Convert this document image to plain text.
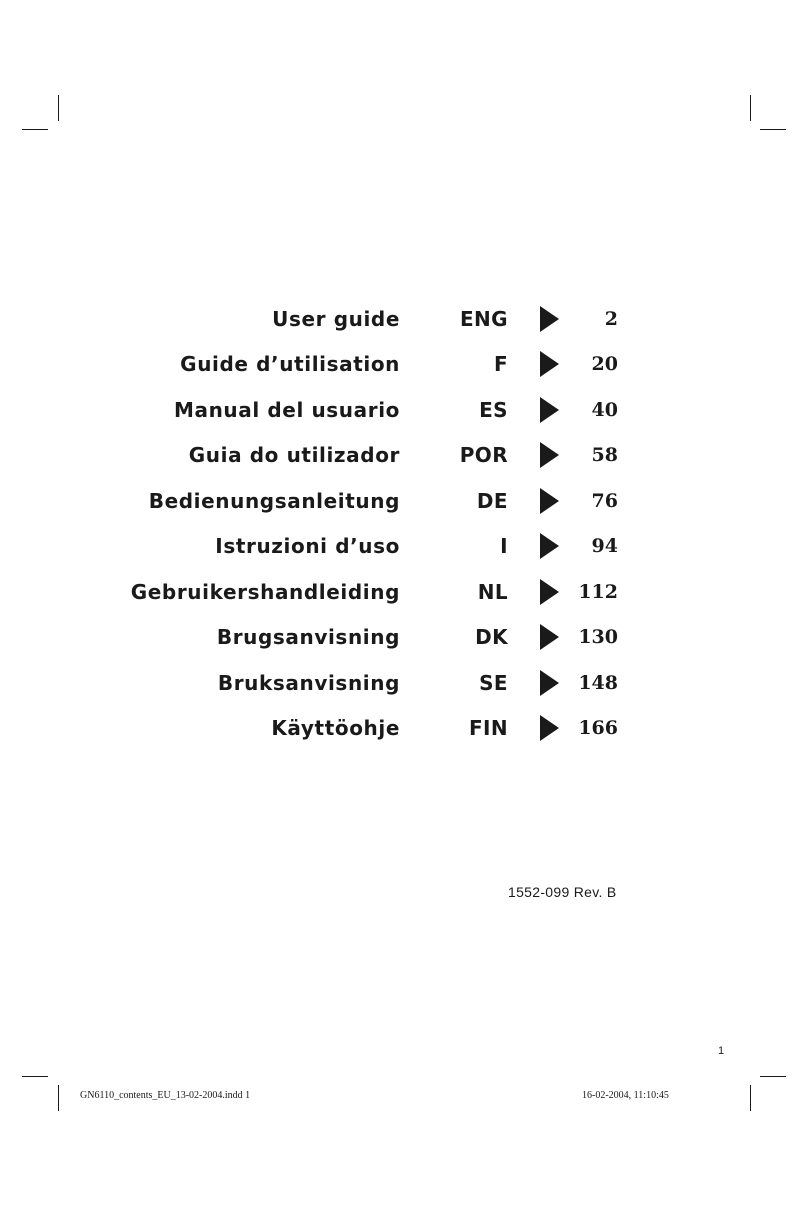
User guide	ENG	2
Guide d’utilisation	F	20
Manual del usuario	ES	40
Guia do utilizador	POR	58
Bedienungsanleitung	DE	76
Istruzioni d’uso	I	94
Gebruikershandleiding	NL	112
Brugsanvisning	DK	130
Bruksanvisning	SE	148
Käyttöohje	FIN	166
1552-099 Rev. B
1
GN6110_contents_EU_13-02-2004.indd 1	16-02-2004, 11:10:45
